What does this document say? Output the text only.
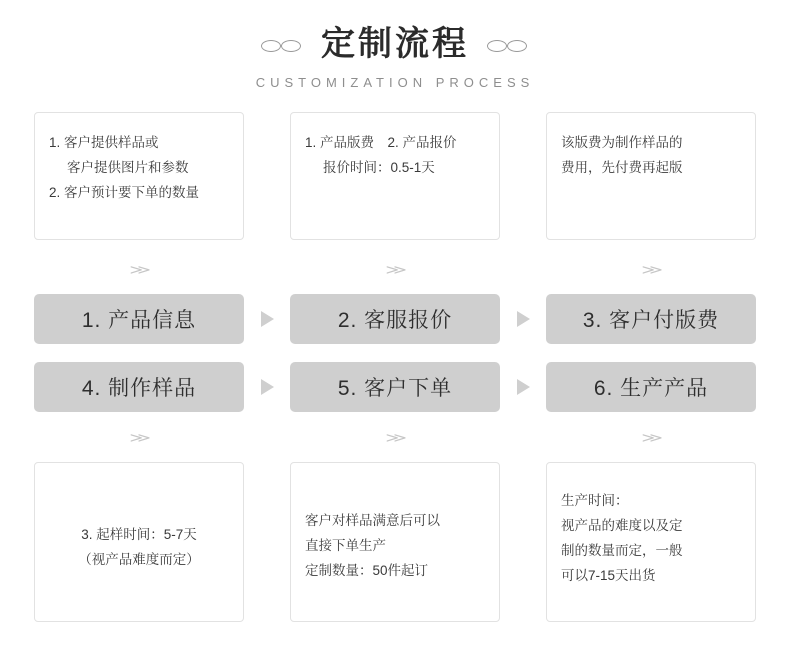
定制流程
CUSTOMIZATION PROCESS
1. 客户提供样品或
客户提供图片和参数
2. 客户预计要下单的数量
1. 产品版费　2. 产品报价
报价时间：0.5-1天
该版费为制作样品的
费用，先付费再起版
≫	≫	≫
1. 产品信息	2. 客服报价	3. 客户付版费
4. 制作样品	5. 客户下单	6. 生产产品
≫	≫	≫
3. 起样时间：5-7天
（视产品难度而定）
客户对样品满意后可以
直接下单生产
定制数量：50件起订
生产时间：
视产品的难度以及定
制的数量而定，一般
可以7-15天出货
